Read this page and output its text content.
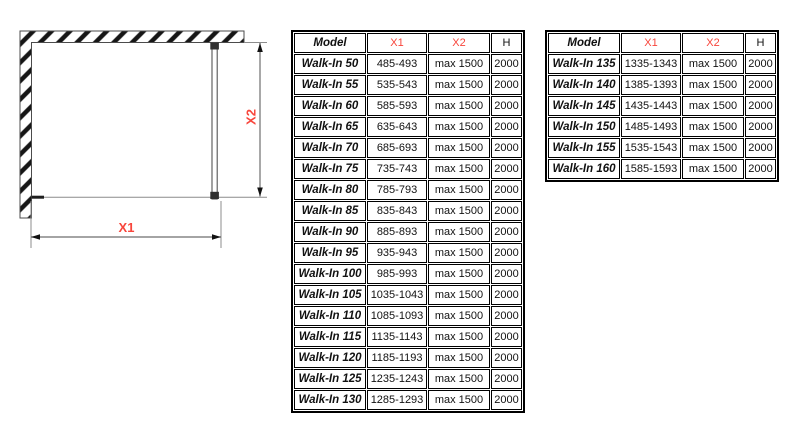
X1
X2
Model	X1	X2	H
Walk-In 50	485-493	max 1500	2000
Walk-In 55	535-543	max 1500	2000
Walk-In 60	585-593	max 1500	2000
Walk-In 65	635-643	max 1500	2000
Walk-In 70	685-693	max 1500	2000
Walk-In 75	735-743	max 1500	2000
Walk-In 80	785-793	max 1500	2000
Walk-In 85	835-843	max 1500	2000
Walk-In 90	885-893	max 1500	2000
Walk-In 95	935-943	max 1500	2000
Walk-In 100	985-993	max 1500	2000
Walk-In 105	1035-1043	max 1500	2000
Walk-In 110	1085-1093	max 1500	2000
Walk-In 115	1135-1143	max 1500	2000
Walk-In 120	1185-1193	max 1500	2000
Walk-In 125	1235-1243	max 1500	2000
Walk-In 130	1285-1293	max 1500	2000
Model	X1	X2	H
Walk-In 135	1335-1343	max 1500	2000
Walk-In 140	1385-1393	max 1500	2000
Walk-In 145	1435-1443	max 1500	2000
Walk-In 150	1485-1493	max 1500	2000
Walk-In 155	1535-1543	max 1500	2000
Walk-In 160	1585-1593	max 1500	2000
